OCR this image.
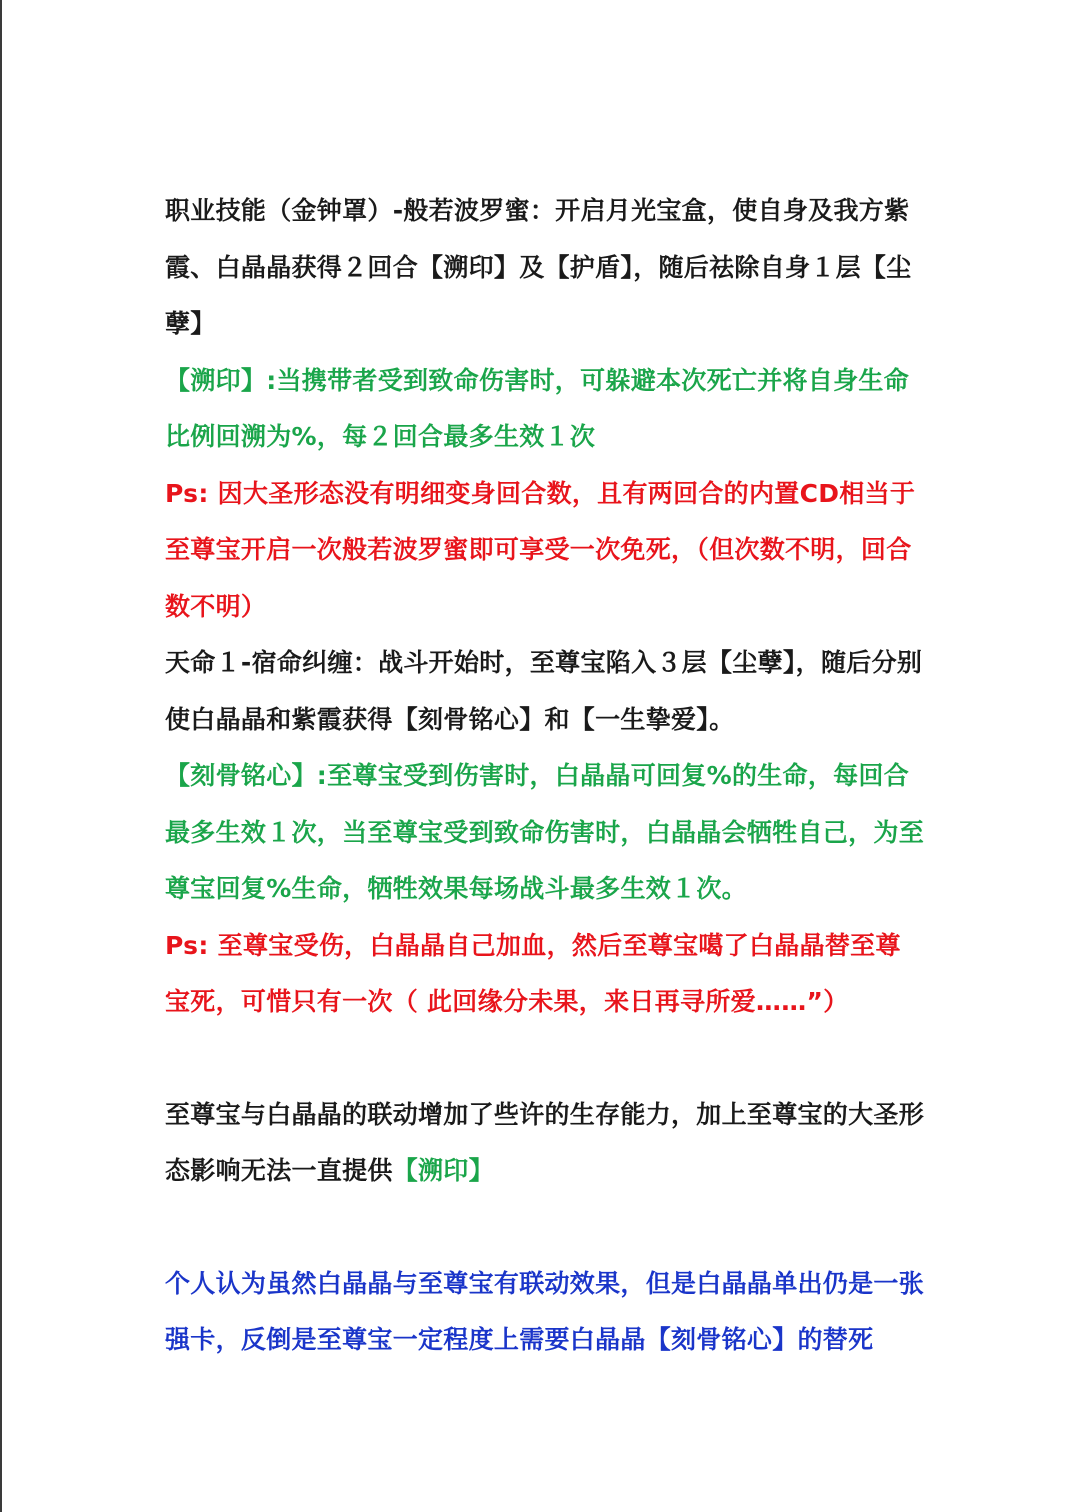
职业技能（金钟罩）-般若波罗蜜：开启月光宝盒，使自身及我方紫霞、白晶晶获得２回合【溯印】及【护盾】，随后祛除自身１层【尘孽】

【溯印】:当携带者受到致命伤害时，可躲避本次死亡并将自身生命比例回溯为%，每２回合最多生效１次

Ps: 因大圣形态没有明细变身回合数，且有两回合的内置CD相当于至尊宝开启一次般若波罗蜜即可享受一次免死，（但次数不明，回合数不明）

天命１-宿命纠缠：战斗开始时，至尊宝陷入３层【尘孽】，随后分别使白晶晶和紫霞获得【刻骨铭心】和【一生挚爱】。

【刻骨铭心】:至尊宝受到伤害时，白晶晶可回复%的生命，每回合最多生效１次，当至尊宝受到致命伤害时，白晶晶会牺牲自己，为至尊宝回复%生命，牺牲效果每场战斗最多生效１次。

Ps: 至尊宝受伤，白晶晶自己加血，然后至尊宝噶了白晶晶替至尊宝死，可惜只有一次（ 此回缘分未果，来日再寻所爱……”）

至尊宝与白晶晶的联动增加了些许的生存能力，加上至尊宝的大圣形态影响无法一直提供【溯印】

个人认为虽然白晶晶与至尊宝有联动效果，但是白晶晶单出仍是一张强卡，反倒是至尊宝一定程度上需要白晶晶【刻骨铭心】的替死
